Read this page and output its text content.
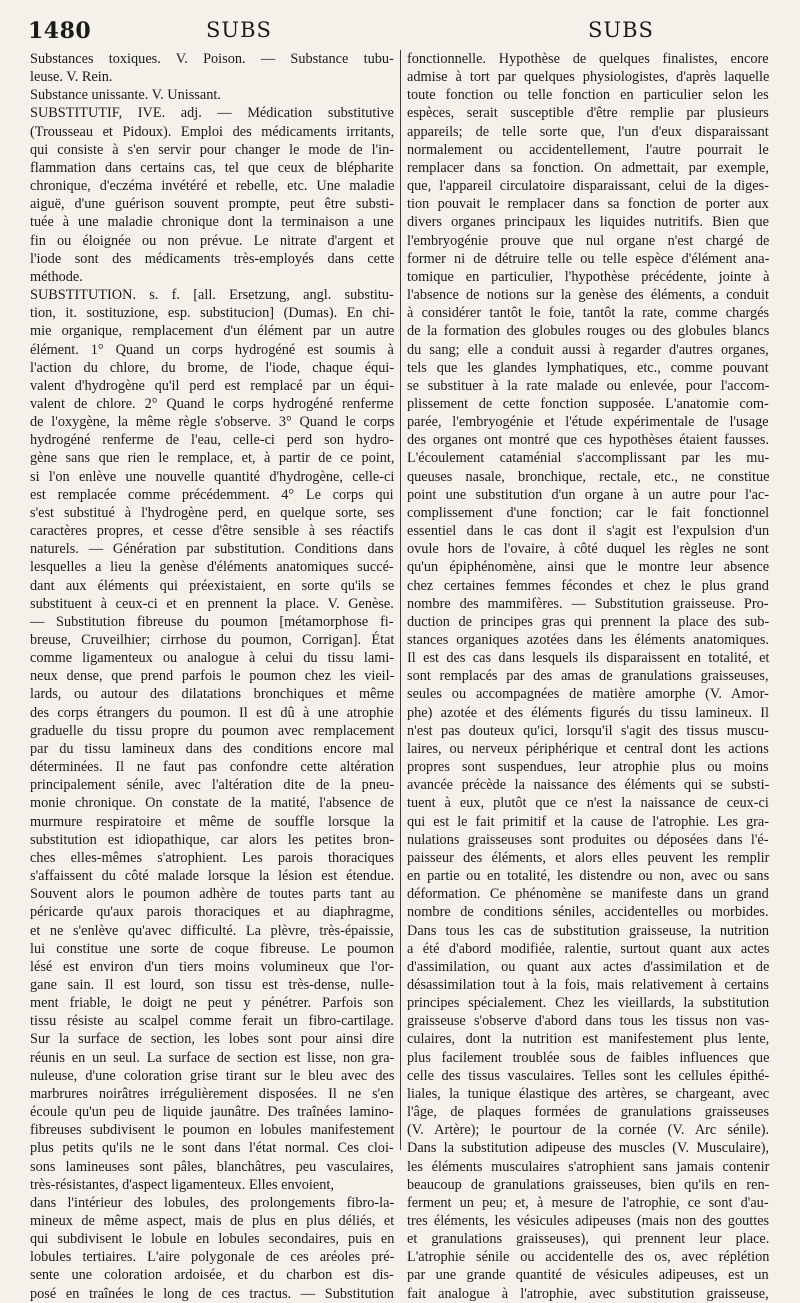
1480	SUBS	SUBS
Substances toxiques. V. Poison. — Substance tubu-
leuse. V. Rein.
Substance unissante. V. Unissant.
SUBSTITUTIF, IVE. adj. — Médication substitutive
(Trousseau et Pidoux). Emploi des médicaments irritants,
qui consiste à s'en servir pour changer le mode de l'in-
flammation dans certains cas, tel que ceux de blépharite
chronique, d'eczéma invétéré et rebelle, etc. Une maladie
aiguë, d'une guérison souvent prompte, peut être substi-
tuée à une maladie chronique dont la terminaison a une
fin ou éloignée ou non prévue. Le nitrate d'argent et
l'iode sont des médicaments très-employés dans cette
méthode.
SUBSTITUTION. s. f. [all. Ersetzung, angl. substitu-
tion, it. sostituzione, esp. substitucion] (Dumas). En chi-
mie organique, remplacement d'un élément par un autre
élément. 1° Quand un corps hydrogéné est soumis à
l'action du chlore, du brome, de l'iode, chaque équi-
valent d'hydrogène qu'il perd est remplacé par un équi-
valent de chlore. 2° Quand le corps hydrogéné renferme
de l'oxygène, la même règle s'observe. 3° Quand le corps
hydrogéné renferme de l'eau, celle-ci perd son hydro-
gène sans que rien le remplace, et, à partir de ce point,
si l'on enlève une nouvelle quantité d'hydrogène, celle-ci
est remplacée comme précédemment. 4° Le corps qui
s'est substitué à l'hydrogène perd, en quelque sorte, ses
caractères propres, et cesse d'être sensible à ses réactifs
naturels. — Génération par substitution. Conditions dans
lesquelles a lieu la genèse d'éléments anatomiques succé-
dant aux éléments qui préexistaient, en sorte qu'ils se
substituent à ceux-ci et en prennent la place. V. Genèse.
— Substitution fibreuse du poumon [métamorphose fi-
breuse, Cruveilhier; cirrhose du poumon, Corrigan]. État
comme ligamenteux ou analogue à celui du tissu lami-
neux dense, que prend parfois le poumon chez les vieil-
lards, ou autour des dilatations bronchiques et même
des corps étrangers du poumon. Il est dû à une atrophie
graduelle du tissu propre du poumon avec remplacement
par du tissu lamineux dans des conditions encore mal
déterminées. Il ne faut pas confondre cette altération
principalement sénile, avec l'altération dite de la pneu-
monie chronique. On constate de la matité, l'absence de
murmure respiratoire et même de souffle lorsque la
substitution est idiopathique, car alors les petites bron-
ches elles-mêmes s'atrophient. Les parois thoraciques
s'affaissent du côté malade lorsque la lésion est étendue.
Souvent alors le poumon adhère de toutes parts tant au
péricarde qu'aux parois thoraciques et au diaphragme,
et ne s'enlève qu'avec difficulté. La plèvre, très-épaissie,
lui constitue une sorte de coque fibreuse. Le poumon
lésé est environ d'un tiers moins volumineux que l'or-
gane sain. Il est lourd, son tissu est très-dense, nulle-
ment friable, le doigt ne peut y pénétrer. Parfois son
tissu résiste au scalpel comme ferait un fibro-cartilage.
Sur la surface de section, les lobes sont pour ainsi dire
réunis en un seul. La surface de section est lisse, non gra-
nuleuse, d'une coloration grise tirant sur le bleu avec des
marbrures noirâtres irrégulièrement disposées. Il ne s'en
écoule qu'un peu de liquide jaunâtre. Des traînées lamino-
fibreuses subdivisent le poumon en lobules manifestement
plus petits qu'ils ne le sont dans l'état normal. Ces cloi-
sons lamineuses sont pâles, blanchâtres, peu vasculaires,
très-résistantes, d'aspect ligamenteux. Elles envoient,
dans l'intérieur des lobules, des prolongements fibro-la-
mineux de même aspect, mais de plus en plus déliés, et
qui subdivisent le lobule en lobules secondaires, puis en
lobules tertiaires. L'aire polygonale de ces aréoles pré-
sente une coloration ardoisée, et du charbon est dis-
posé en traînées le long de ces tractus. — Substitution
fonctionnelle. Hypothèse de quelques finalistes, encore
admise à tort par quelques physiologistes, d'après laquelle
toute fonction ou telle fonction en particulier selon les
espèces, serait susceptible d'être remplie par plusieurs
appareils; de telle sorte que, l'un d'eux disparaissant
normalement ou accidentellement, l'autre pourrait le
remplacer dans sa fonction. On admettait, par exemple,
que, l'appareil circulatoire disparaissant, celui de la diges-
tion pouvait le remplacer dans sa fonction de porter aux
divers organes principaux les liquides nutritifs. Bien que
l'embryogénie prouve que nul organe n'est chargé de
former ni de détruire telle ou telle espèce d'élément ana-
tomique en particulier, l'hypothèse précédente, jointe à
l'absence de notions sur la genèse des éléments, a conduit
à considérer tantôt le foie, tantôt la rate, comme chargés
de la formation des globules rouges ou des globules blancs
du sang; elle a conduit aussi à regarder d'autres organes,
tels que les glandes lymphatiques, etc., comme pouvant
se substituer à la rate malade ou enlevée, pour l'accom-
plissement de cette fonction supposée. L'anatomie com-
parée, l'embryogénie et l'étude expérimentale de l'usage
des organes ont montré que ces hypothèses étaient fausses.
L'écoulement cataménial s'accomplissant par les mu-
queuses nasale, bronchique, rectale, etc., ne constitue
point une substitution d'un organe à un autre pour l'ac-
complissement d'une fonction; car le fait fonctionnel
essentiel dans le cas dont il s'agit est l'expulsion d'un
ovule hors de l'ovaire, à côté duquel les règles ne sont
qu'un épiphénomène, ainsi que le montre leur absence
chez certaines femmes fécondes et chez le plus grand
nombre des mammifères. — Substitution graisseuse. Pro-
duction de principes gras qui prennent la place des sub-
stances organiques azotées dans les éléments anatomiques.
Il est des cas dans lesquels ils disparaissent en totalité, et
sont remplacés par des amas de granulations graisseuses,
seules ou accompagnées de matière amorphe (V. Amor-
phe) azotée et des éléments figurés du tissu lamineux. Il
n'est pas douteux qu'ici, lorsqu'il s'agit des tissus muscu-
laires, ou nerveux périphérique et central dont les actions
propres sont suspendues, leur atrophie plus ou moins
avancée précède la naissance des éléments qui se substi-
tuent à eux, plutôt que ce n'est la naissance de ceux-ci
qui est le fait primitif et la cause de l'atrophie. Les gra-
nulations graisseuses sont produites ou déposées dans l'é-
paisseur des éléments, et alors elles peuvent les remplir
en partie ou en totalité, les distendre ou non, avec ou sans
déformation. Ce phénomène se manifeste dans un grand
nombre de conditions séniles, accidentelles ou morbides.
Dans tous les cas de substitution graisseuse, la nutrition
a été d'abord modifiée, ralentie, surtout quant aux actes
d'assimilation, ou quant aux actes d'assimilation et de
désassimilation tout à la fois, mais relativement à certains
principes spécialement. Chez les vieillards, la substitution
graisseuse s'observe d'abord dans tous les tissus non vas-
culaires, dont la nutrition est manifestement plus lente,
plus facilement troublée sous de faibles influences que
celle des tissus vasculaires. Telles sont les cellules épithé-
liales, la tunique élastique des artères, se chargeant, avec
l'âge, de plaques formées de granulations graisseuses
(V. Artère); le pourtour de la cornée (V. Arc sénile).
Dans la substitution adipeuse des muscles (V. Musculaire),
les éléments musculaires s'atrophient sans jamais contenir
beaucoup de granulations graisseuses, bien qu'ils en ren-
ferment un peu; et, à mesure de l'atrophie, ce sont d'au-
tres éléments, les vésicules adipeuses (mais non des gouttes
et granulations graisseuses), qui prennent leur place.
L'atrophie sénile ou accidentelle des os, avec réplétion
par une grande quantité de vésicules adipeuses, est un
fait analogue à l'atrophie, avec substitution graisseuse,
